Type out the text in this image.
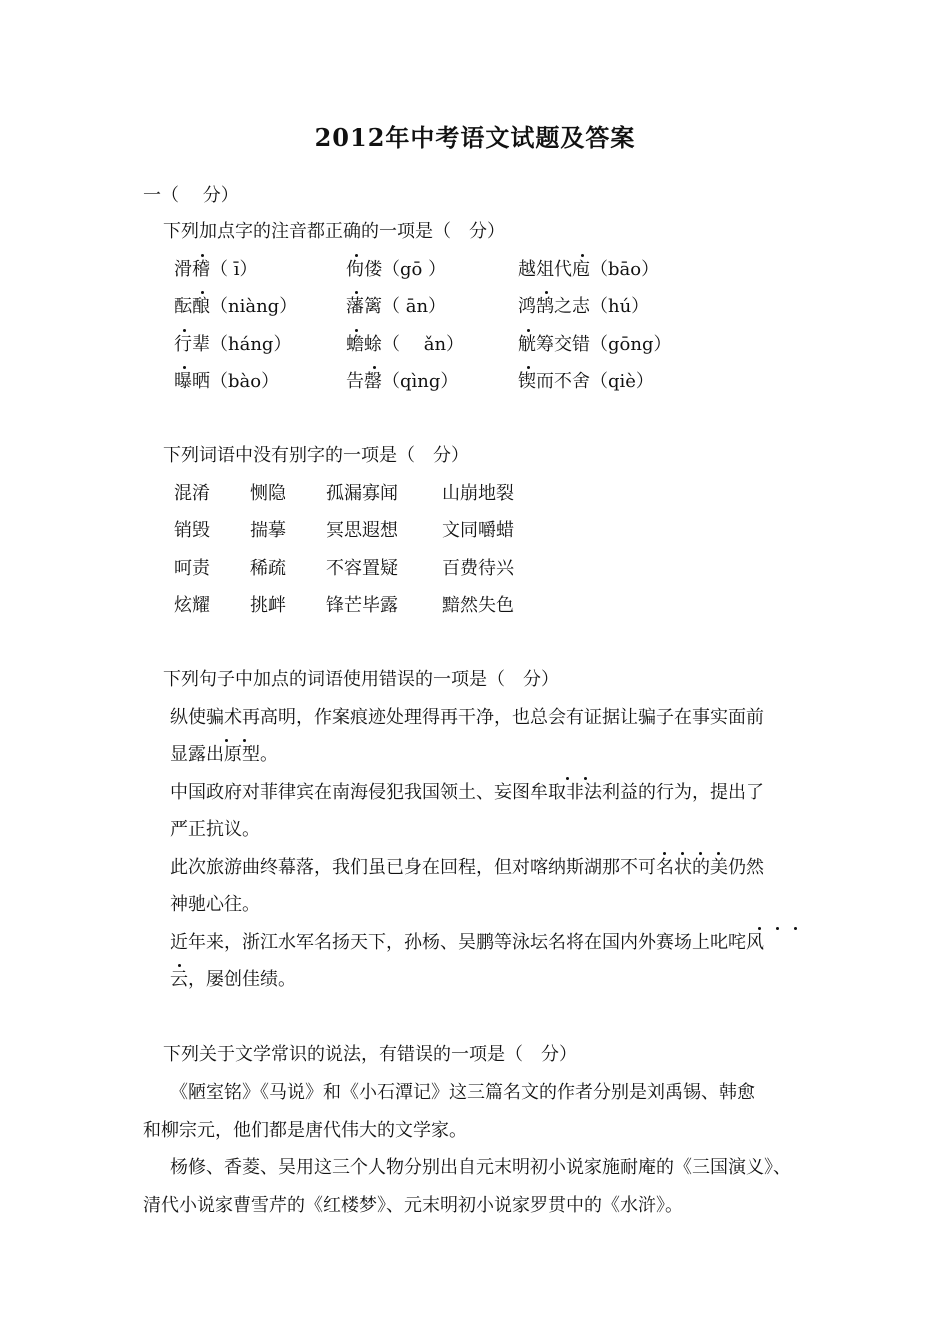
2012年中考语文试题及答案
一（　 分）
下列加点字的注音都正确的一项是（　分）
滑稽（ ī）	佝偻（gō ）	越俎代庖（bāo）
酝酿（niàng）	藩篱（ ān）	鸿鹄之志（hú）
行辈（háng）	蟾蜍（　 ǎn）	觥筹交错（gōng）
曝晒（bào）	告罄（qìng）	锲而不舍（qiè）
下列词语中没有别字的一项是（　分）
混淆 恻隐 孤漏寡闻 山崩地裂
销毁 揣摹 冥思遐想 文同嚼蜡
呵责 稀疏 不容置疑 百费待兴
炫耀 挑衅 锋芒毕露 黯然失色
下列句子中加点的词语使用错误的一项是（　分）
纵使骗术再高明，作案痕迹处理得再干净，也总会有证据让骗子在事实面前
显露出原型。
中国政府对菲律宾在南海侵犯我国领土、妄图牟取非法利益的行为，提出了
严正抗议。
此次旅游曲终幕落，我们虽已身在回程，但对喀纳斯湖那不可名状的美仍然
神驰心往。
近年来，浙江水军名扬天下，孙杨、吴鹏等泳坛名将在国内外赛场上叱咤风
云，屡创佳绩。
下列关于文学常识的说法，有错误的一项是（　分）
《陋室铭》《马说》和《小石潭记》这三篇名文的作者分别是刘禹锡、韩愈
和柳宗元，他们都是唐代伟大的文学家。
杨修、香菱、吴用这三个人物分别出自元末明初小说家施耐庵的《三国演义》、
清代小说家曹雪芹的《红楼梦》、元末明初小说家罗贯中的《水浒》。
